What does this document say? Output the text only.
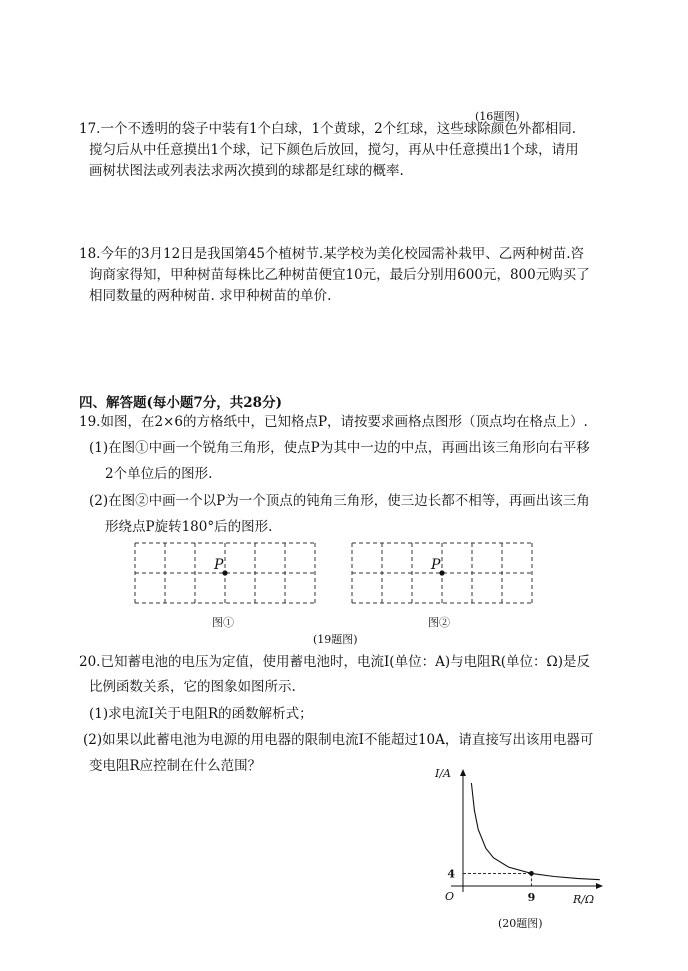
(16题图)
17.一个不透明的袋子中装有1个白球，1个黄球，2个红球，这些球除颜色外都相同.
搅匀后从中任意摸出1个球，记下颜色后放回，搅匀，再从中任意摸出1个球，请用
画树状图法或列表法求两次摸到的球都是红球的概率.
18.今年的3月12日是我国第45个植树节.某学校为美化校园需补栽甲、乙两种树苗.咨
询商家得知，甲种树苗每株比乙种树苗便宜10元，最后分别用600元，800元购买了
相同数量的两种树苗. 求甲种树苗的单价.
四、解答题(每小题7分，共28分)
19.如图，在2×6的方格纸中，已知格点P，请按要求画格点图形（顶点均在格点上）.
(1)在图①中画一个锐角三角形，使点P为其中一边的中点，再画出该三角形向右平移
2个单位后的图形.
(2)在图②中画一个以P为一个顶点的钝角三角形，使三边长都不相等，再画出该三角
形绕点P旋转180°后的图形.
P	P
图①	图②
(19题图)
20.已知蓄电池的电压为定值，使用蓄电池时，电流I(单位：A)与电阻R(单位：Ω)是反
比例函数关系，它的图象如图所示.
(1)求电流I关于电阻R的函数解析式；
(2)如果以此蓄电池为电源的用电器的限制电流I不能超过10A，请直接写出该用电器可
变电阻R应控制在什么范围？	I/A
R/Ω
O	9
4
(20题图)
